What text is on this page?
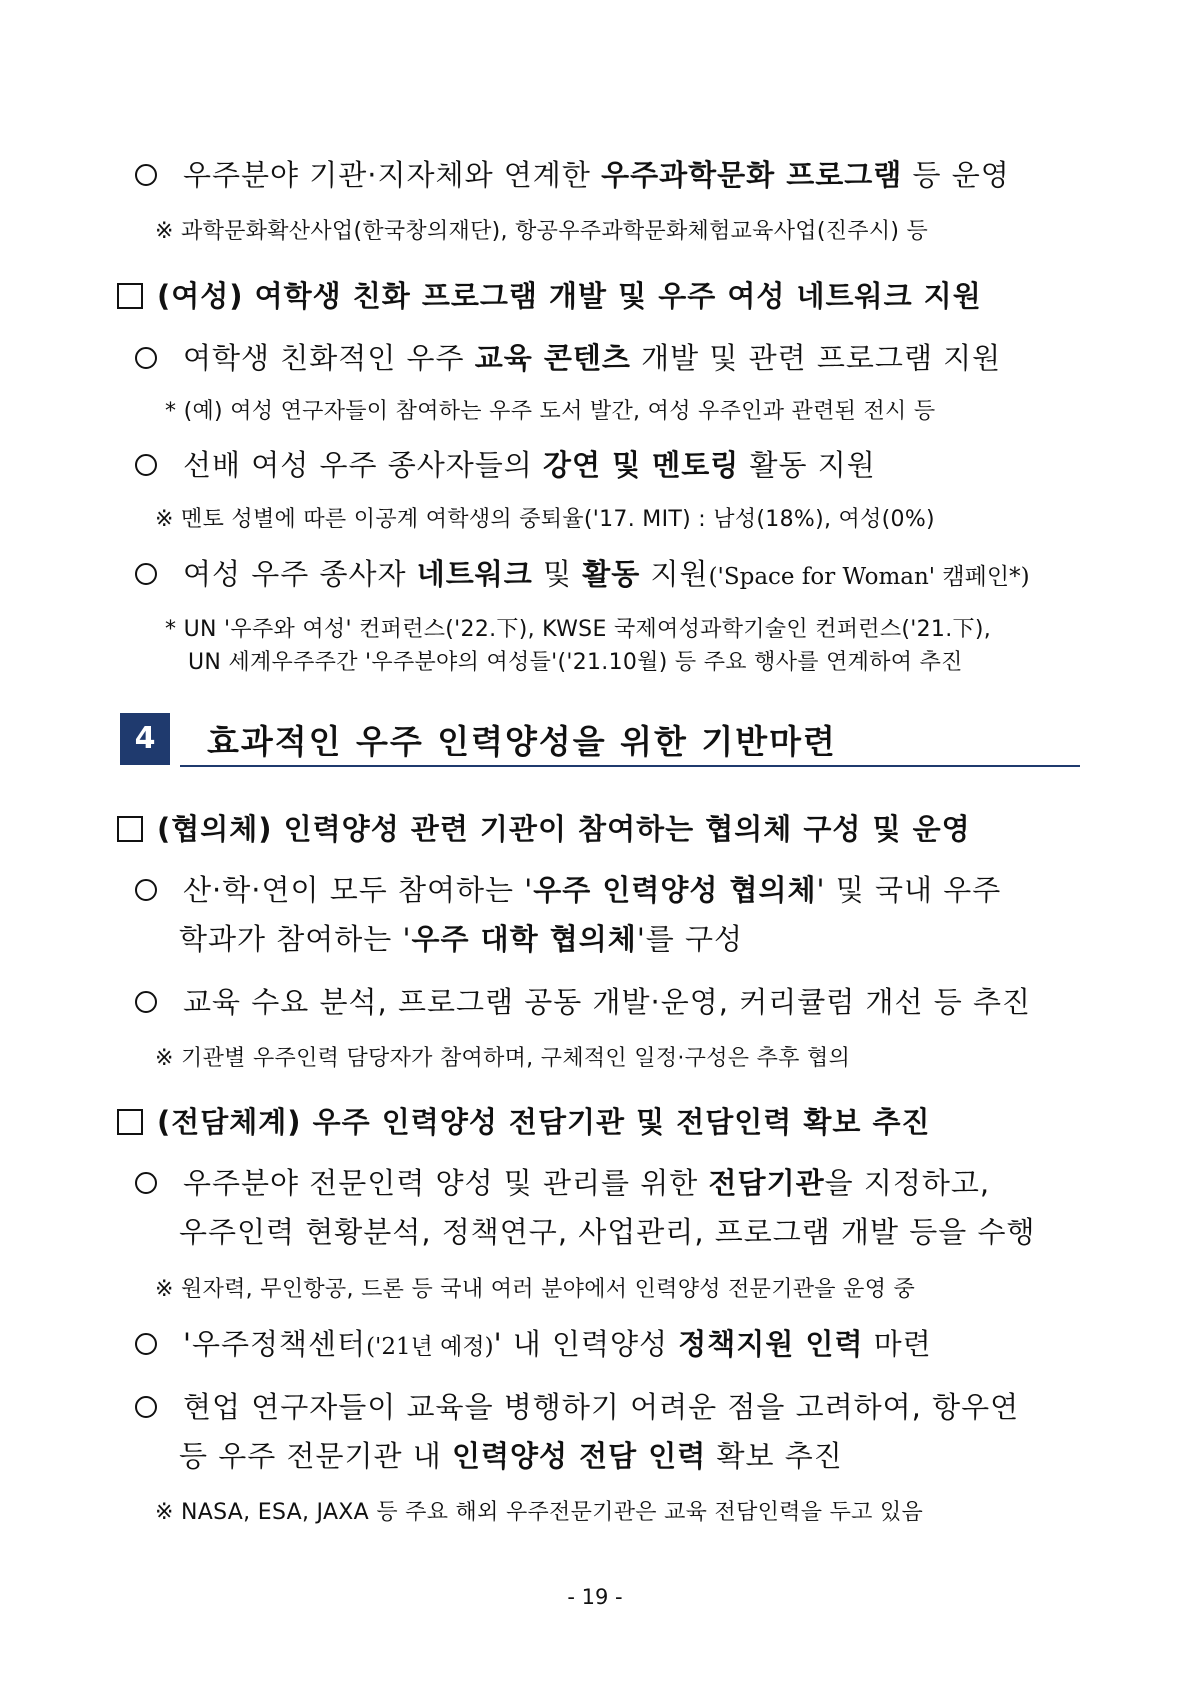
우주분야 기관·지자체와 연계한 우주과학문화 프로그램 등 운영
※ 과학문화확산사업(한국창의재단), 항공우주과학문화체험교육사업(진주시) 등
(여성) 여학생 친화 프로그램 개발 및 우주 여성 네트워크 지원
여학생 친화적인 우주 교육 콘텐츠 개발 및 관련 프로그램 지원
* (예) 여성 연구자들이 참여하는 우주 도서 발간, 여성 우주인과 관련된 전시 등
선배 여성 우주 종사자들의 강연 및 멘토링 활동 지원
※ 멘토 성별에 따른 이공계 여학생의 중퇴율('17. MIT) : 남성(18%), 여성(0%)
여성 우주 종사자 네트워크 및 활동 지원('Space for Woman' 캠페인*)
* UN '우주와 여성' 컨퍼런스('22.下), KWSE 국제여성과학기술인 컨퍼런스('21.下),
UN 세계우주주간 '우주분야의 여성들'('21.10월) 등 주요 행사를 연계하여 추진
4	효과적인 우주 인력양성을 위한 기반마련
(협의체) 인력양성 관련 기관이 참여하는 협의체 구성 및 운영
산·학·연이 모두 참여하는 '우주 인력양성 협의체' 및 국내 우주
학과가 참여하는 '우주 대학 협의체'를 구성
교육 수요 분석, 프로그램 공동 개발·운영, 커리큘럼 개선 등 추진
※ 기관별 우주인력 담당자가 참여하며, 구체적인 일정·구성은 추후 협의
(전담체계) 우주 인력양성 전담기관 및 전담인력 확보 추진
우주분야 전문인력 양성 및 관리를 위한 전담기관을 지정하고,
우주인력 현황분석, 정책연구, 사업관리, 프로그램 개발 등을 수행
※ 원자력, 무인항공, 드론 등 국내 여러 분야에서 인력양성 전문기관을 운영 중
'우주정책센터('21년 예정)' 내 인력양성 정책지원 인력 마련
현업 연구자들이 교육을 병행하기 어려운 점을 고려하여, 항우연
등 우주 전문기관 내 인력양성 전담 인력 확보 추진
※ NASA, ESA, JAXA 등 주요 해외 우주전문기관은 교육 전담인력을 두고 있음
- 19 -
